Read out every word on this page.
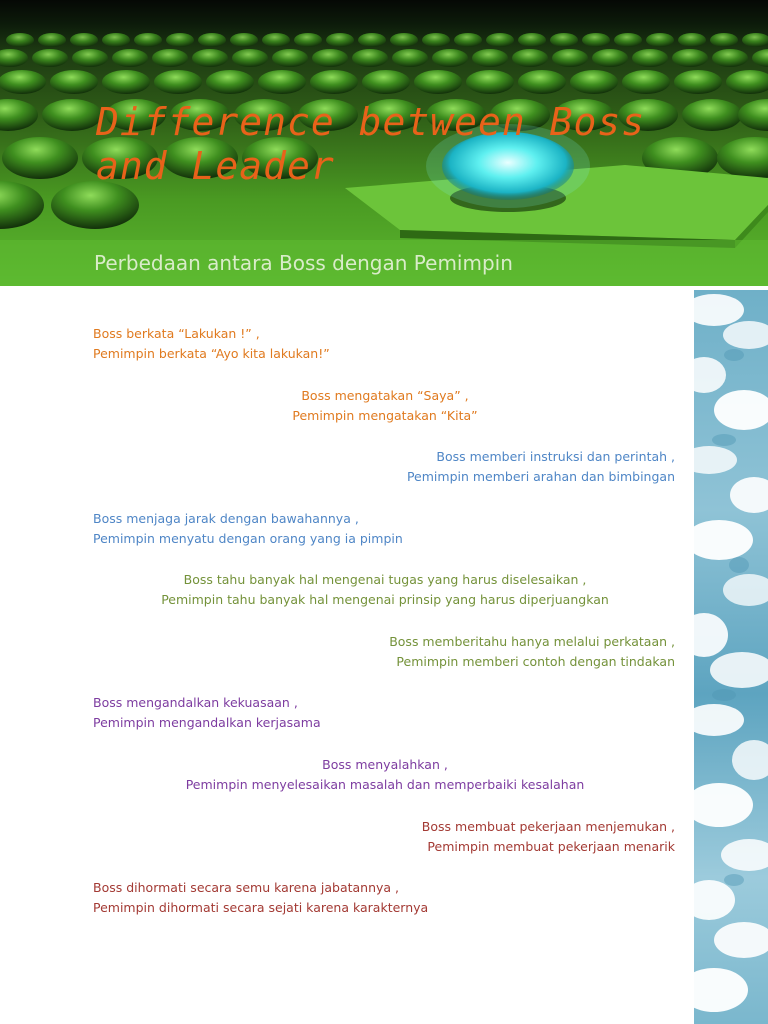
Difference between Boss and Leader
Perbedaan antara Boss dengan Pemimpin

Boss berkata “Lakukan !” ,

Pemimpin berkata “Ayo kita lakukan!”

Boss mengatakan “Saya” ,

Pemimpin mengatakan “Kita”

Boss memberi instruksi dan perintah ,

Pemimpin memberi arahan dan bimbingan

Boss menjaga jarak dengan bawahannya ,

Pemimpin menyatu dengan orang yang ia pimpin

Boss tahu banyak hal mengenai tugas yang harus diselesaikan ,

Pemimpin tahu banyak hal mengenai prinsip yang harus diperjuangkan

Boss memberitahu hanya melalui perkataan ,

Pemimpin memberi contoh dengan tindakan

Boss mengandalkan kekuasaan ,

Pemimpin mengandalkan kerjasama

Boss menyalahkan ,

Pemimpin menyelesaikan masalah dan memperbaiki kesalahan

Boss membuat pekerjaan menjemukan ,

Pemimpin membuat pekerjaan menarik

Boss dihormati secara semu karena jabatannya ,

Pemimpin dihormati secara sejati karena karakternya
